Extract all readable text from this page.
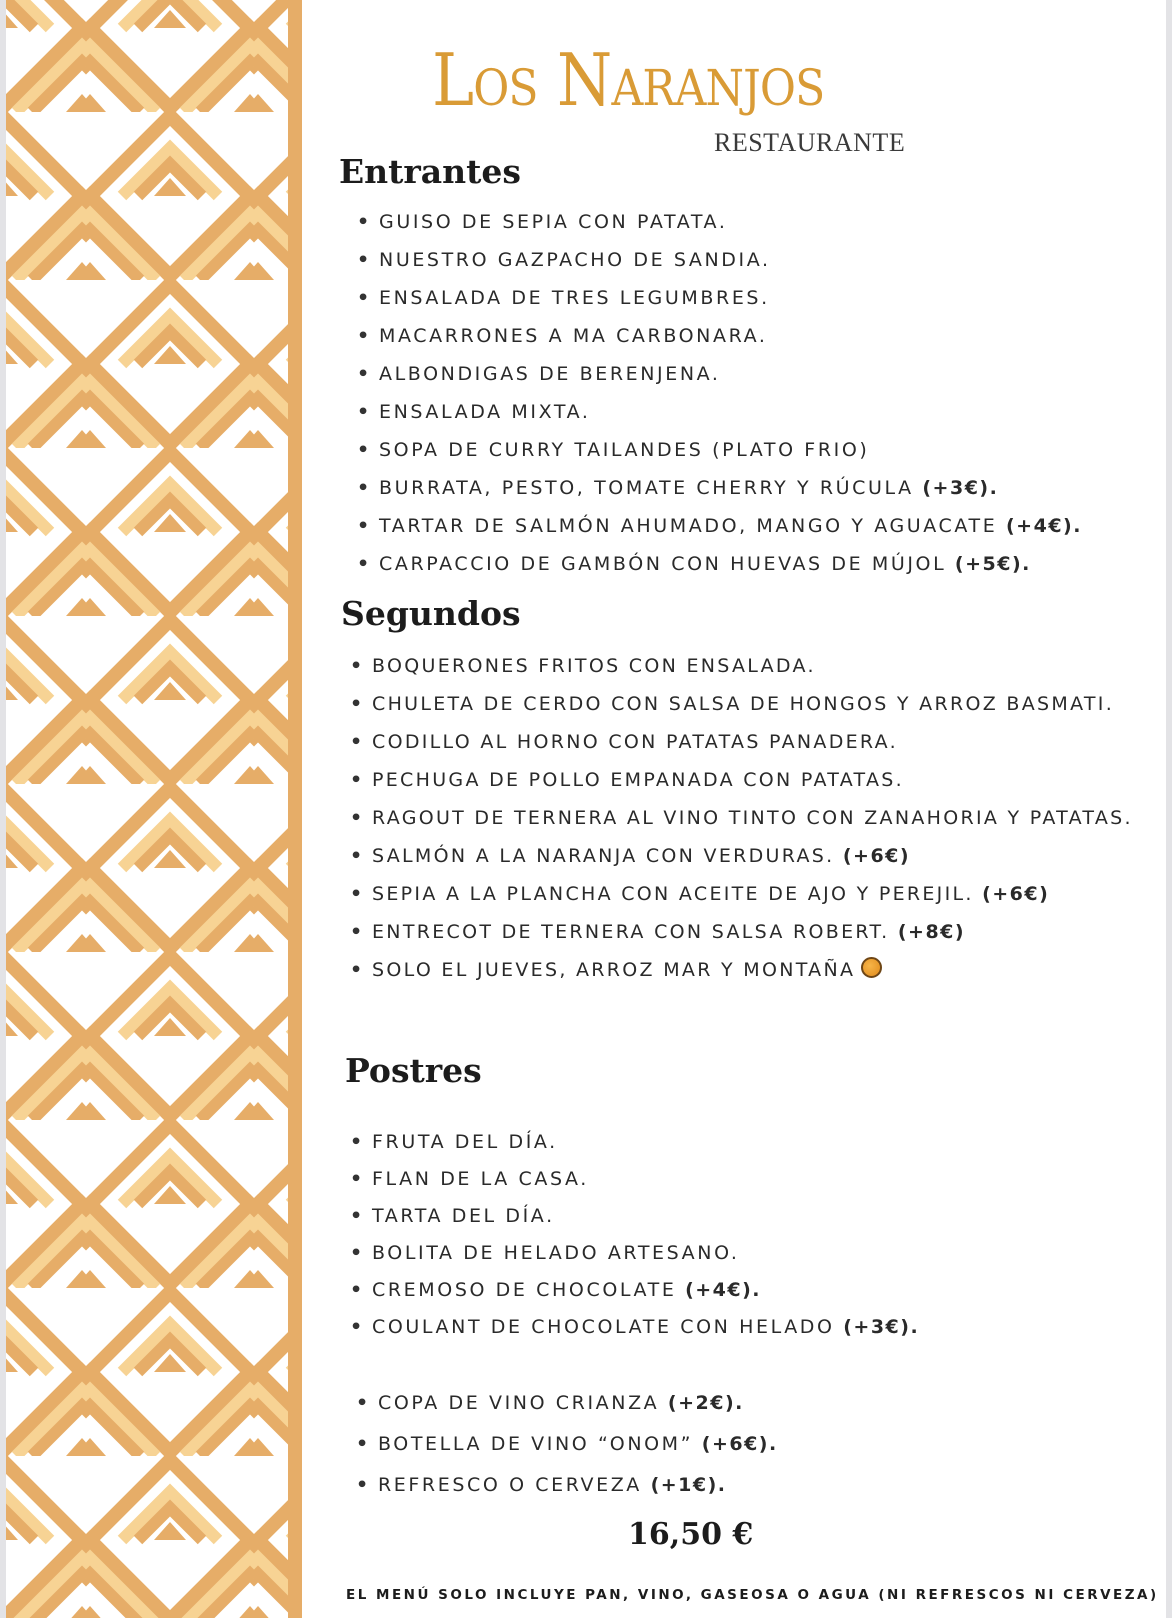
Los Naranjos
RESTAURANTE
Entrantes
• GUISO DE SEPIA CON PATATA.
• NUESTRO GAZPACHO DE SANDIA.
• ENSALADA DE TRES LEGUMBRES.
• MACARRONES A MA CARBONARA.
• ALBONDIGAS DE BERENJENA.
• ENSALADA MIXTA.
• SOPA DE CURRY TAILANDES (PLATO FRIO)
• BURRATA, PESTO, TOMATE CHERRY Y RÚCULA (+3€).
• TARTAR DE SALMÓN AHUMADO, MANGO Y AGUACATE (+4€).
• CARPACCIO DE GAMBÓN CON HUEVAS DE MÚJOL (+5€).
Segundos
• BOQUERONES FRITOS CON ENSALADA.
• CHULETA DE CERDO CON SALSA DE HONGOS Y ARROZ BASMATI.
• CODILLO AL HORNO CON PATATAS PANADERA.
• PECHUGA DE POLLO EMPANADA CON PATATAS.
• RAGOUT DE TERNERA AL VINO TINTO CON ZANAHORIA Y PATATAS.
• SALMÓN A LA NARANJA CON VERDURAS. (+6€)
• SEPIA A LA PLANCHA CON ACEITE DE AJO Y PEREJIL. (+6€)
• ENTRECOT DE TERNERA CON SALSA ROBERT. (+8€)
• SOLO EL JUEVES, ARROZ MAR Y MONTAÑA
Postres
• FRUTA DEL DÍA.
• FLAN DE LA CASA.
• TARTA DEL DÍA.
• BOLITA DE HELADO ARTESANO.
• CREMOSO DE CHOCOLATE (+4€).
• COULANT DE CHOCOLATE CON HELADO (+3€).
• COPA DE VINO CRIANZA (+2€).
• BOTELLA DE VINO “ONOM” (+6€).
• REFRESCO O CERVEZA (+1€).
16,50 €
EL MENÚ SOLO INCLUYE PAN, VINO, GASEOSA O AGUA (NI REFRESCOS NI CERVEZA)
